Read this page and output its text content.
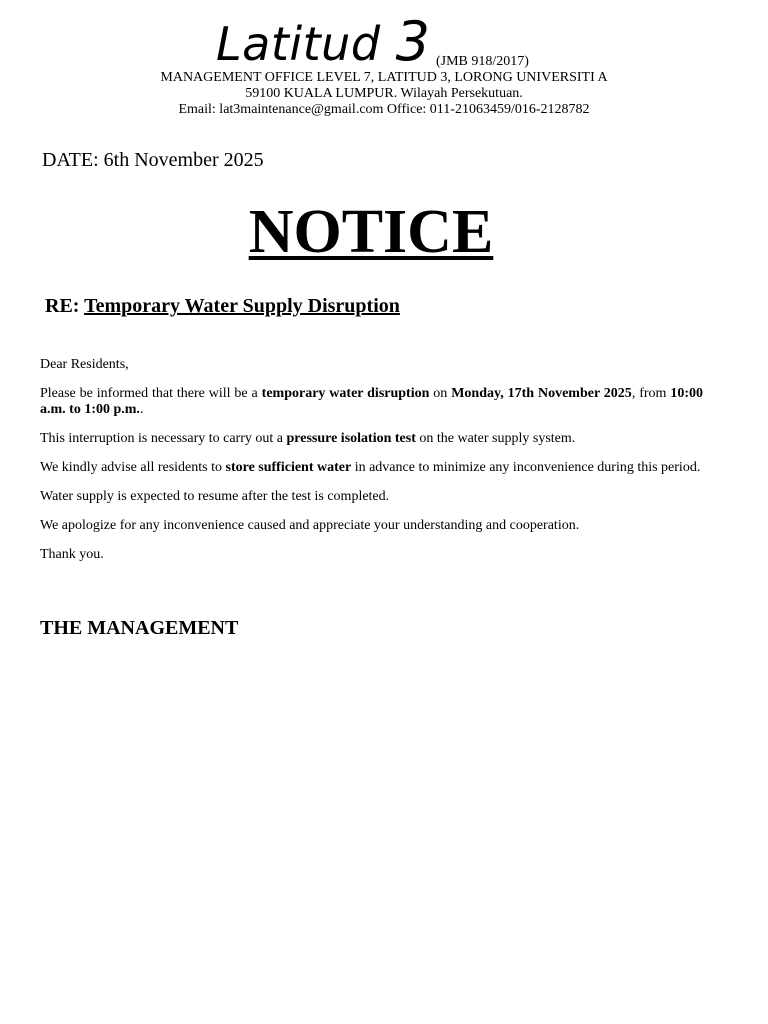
Latitud 3 (JMB 918/2017)
MANAGEMENT OFFICE LEVEL 7, LATITUD 3, LORONG UNIVERSITI A
59100 KUALA LUMPUR. Wilayah Persekutuan.
Email: lat3maintenance@gmail.com Office: 011-21063459/016-2128782
DATE: 6th November 2025
NOTICE
RE: Temporary Water Supply Disruption

Dear Residents,

Please be informed that there will be a temporary water disruption on Monday, 17th November 2025, from 10:00 a.m. to 1:00 p.m..

This interruption is necessary to carry out a pressure isolation test on the water supply system.

We kindly advise all residents to store sufficient water in advance to minimize any inconvenience during this period.

Water supply is expected to resume after the test is completed.

We apologize for any inconvenience caused and appreciate your understanding and cooperation.

Thank you.

THE MANAGEMENT
